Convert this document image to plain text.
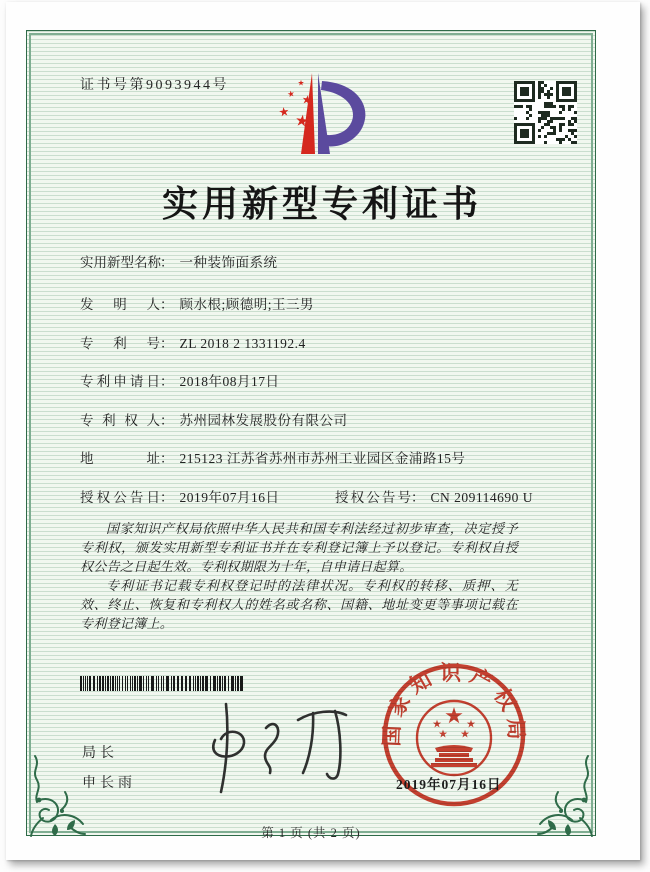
证书号第9093944号
实用新型专利证书
实用新型名称： 一种装饰面系统
发明人： 顾水根;顾德明;王三男
专利号： ZL 2018 2 1331192.4
专利申请日： 2018年08月17日
专利权人： 苏州园林发展股份有限公司
地址： 215123 江苏省苏州市苏州工业园区金浦路15号
授权公告日： 2019年07月16日	授权公告号： CN 209114690 U

国家知识产权局依照中华人民共和国专利法经过初步审查，决定授予专利权，颁发实用新型专利证书并在专利登记簿上予以登记。专利权自授权公告之日起生效。专利权期限为十年，自申请日起算。

专利证书记载专利权登记时的法律状况。专利权的转移、质押、无效、终止、恢复和专利权人的姓名或名称、国籍、地址变更等事项记载在专利登记簿上。

局长
申长雨
国家知识产权局
2019年07月16日
第 1 页 (共 2 页)
